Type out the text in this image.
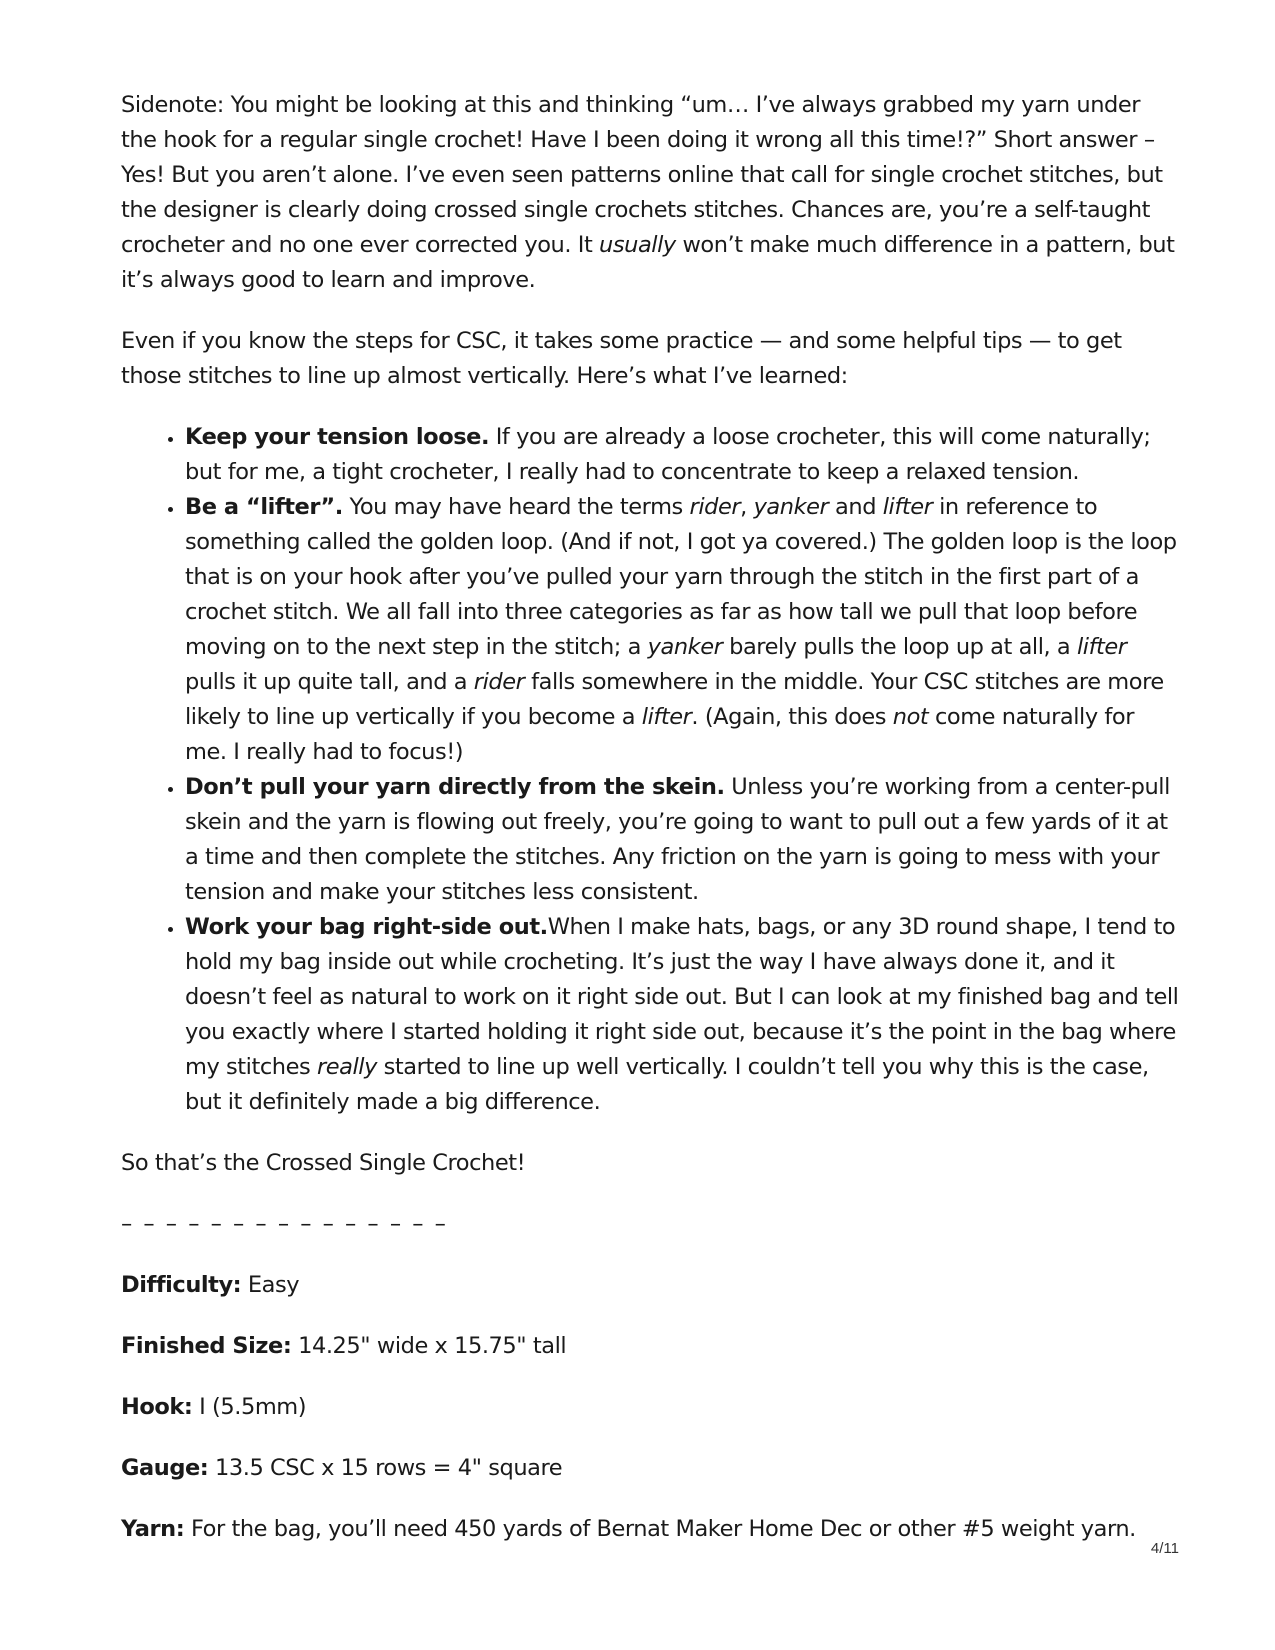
Sidenote: You might be looking at this and thinking “um… I’ve always grabbed my yarn under the hook for a regular single crochet! Have I been doing it wrong all this time!?” Short answer – Yes! But you aren’t alone. I’ve even seen patterns online that call for single crochet stitches, but the designer is clearly doing crossed single crochets stitches. Chances are, you’re a self-taught crocheter and no one ever corrected you. It usually won’t make much difference in a pattern, but it’s always good to learn and improve.

Even if you know the steps for CSC, it takes some practice — and some helpful tips — to get those stitches to line up almost vertically. Here’s what I’ve learned:

• Keep your tension loose. If you are already a loose crocheter, this will come naturally; but for me, a tight crocheter, I really had to concentrate to keep a relaxed tension.
• Be a “lifter”. You may have heard the terms rider, yanker and lifter in reference to something called the golden loop. (And if not, I got ya covered.) The golden loop is the loop that is on your hook after you’ve pulled your yarn through the stitch in the first part of a crochet stitch. We all fall into three categories as far as how tall we pull that loop before moving on to the next step in the stitch; a yanker barely pulls the loop up at all, a lifter pulls it up quite tall, and a rider falls somewhere in the middle. Your CSC stitches are more likely to line up vertically if you become a lifter. (Again, this does not come naturally for me. I really had to focus!)
• Don’t pull your yarn directly from the skein. Unless you’re working from a center-pull skein and the yarn is flowing out freely, you’re going to want to pull out a few yards of it at a time and then complete the stitches. Any friction on the yarn is going to mess with your tension and make your stitches less consistent.
• Work your bag right-side out.When I make hats, bags, or any 3D round shape, I tend to hold my bag inside out while crocheting. It’s just the way I have always done it, and it doesn’t feel as natural to work on it right side out. But I can look at my finished bag and tell you exactly where I started holding it right side out, because it’s the point in the bag where my stitches really started to line up well vertically. I couldn’t tell you why this is the case, but it definitely made a big difference.

So that’s the Crossed Single Crochet!

– – – – – – – – – – – – – – –

Difficulty: Easy

Finished Size: 14.25" wide x 15.75" tall

Hook: I (5.5mm)

Gauge: 13.5 CSC x 15 rows = 4" square

Yarn: For the bag, you’ll need 450 yards of Bernat Maker Home Dec or other #5 weight yarn.

4/11
